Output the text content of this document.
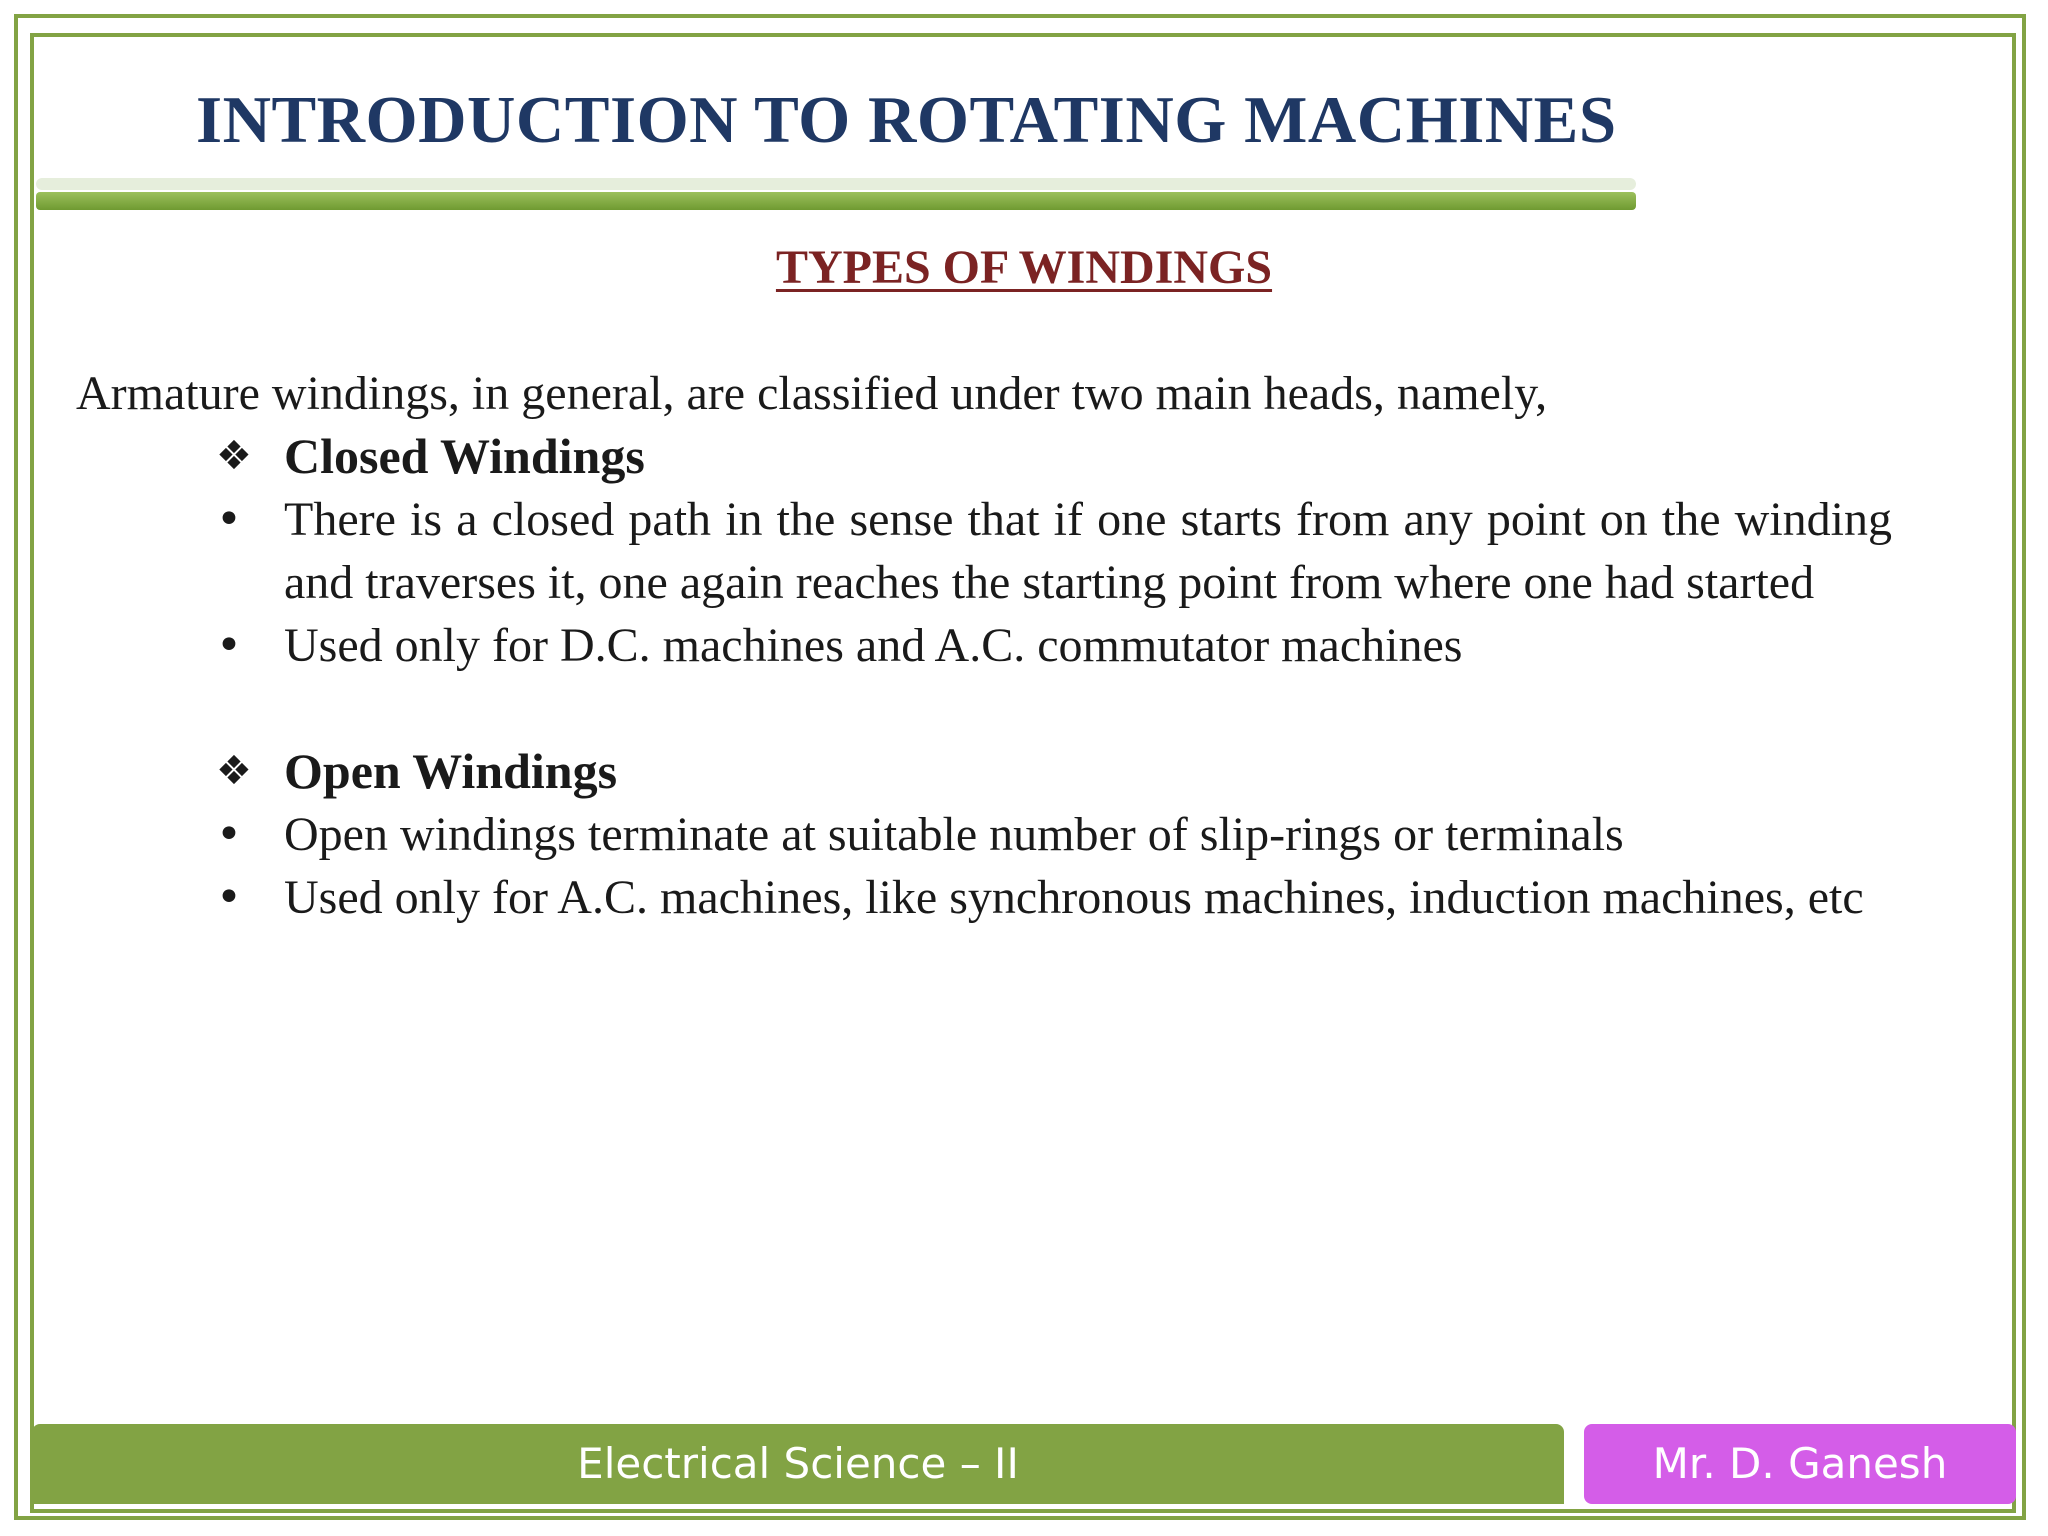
INTRODUCTION TO ROTATING MACHINES
TYPES OF WINDINGS
Armature windings, in general, are classified under two main heads, namely,
❖ Closed Windings
• There is a closed path in the sense that if one starts from any point on the winding and traverses it, one again reaches the starting point from where one had started
• Used only for D.C. machines and A.C. commutator machines
❖ Open Windings
• Open windings terminate at suitable number of slip-rings or terminals
• Used only for A.C. machines, like synchronous machines, induction machines, etc
Electrical Science – II	Mr. D. Ganesh
